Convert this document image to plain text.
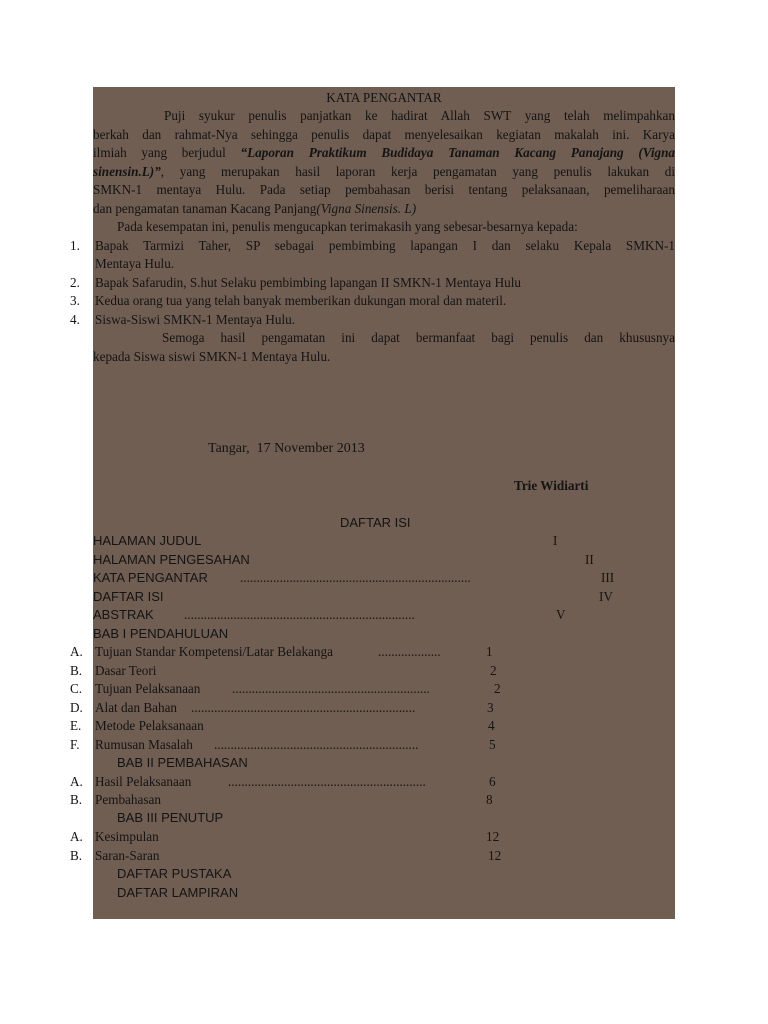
KATA PENGANTAR
Puji syukur penulis panjatkan ke hadirat Allah SWT yang telah melimpahkan
berkah dan rahmat-Nya sehingga penulis dapat menyelesaikan kegiatan makalah ini. Karya
ilmiah yang berjudul “Laporan Praktikum Budidaya Tanaman Kacang Panajang (Vigna
sinensin.L)”, yang merupakan hasil laporan kerja pengamatan yang penulis lakukan di
SMKN-1 mentaya Hulu. Pada setiap pembahasan berisi tentang pelaksanaan, pemeliharaan
dan pengamatan tanaman Kacang Panjang(Vigna Sinensis. L)
Pada kesempatan ini, penulis mengucapkan terimakasih yang sebesar-besarnya kepada:
1. Bapak Tarmizi Taher, SP sebagai pembimbing lapangan I dan selaku Kepala SMKN-1
Mentaya Hulu.
2. Bapak Safarudin, S.hut Selaku pembimbing lapangan II SMKN-1 Mentaya Hulu
3. Kedua orang tua yang telah banyak memberikan dukungan moral dan materil.
4. Siswa-Siswi SMKN-1 Mentaya Hulu.
Semoga hasil pengamatan ini dapat bermanfaat bagi penulis dan khususnya
kepada Siswa siswi SMKN-1 Mentaya Hulu.
Tangar,  17 November 2013
Trie Widiarti
DAFTAR ISI
HALAMAN JUDUL	I
HALAMAN PENGESAHAN	II
KATA PENGANTAR ......................................................................	III
DAFTAR ISI	IV
ABSTRAK ......................................................................	V
BAB I PENDAHULUAN
A. Tujuan Standar Kompetensi/Latar Belakanga	...................	1
B. Dasar Teori	2
C. Tujuan Pelaksanaan ............................................................	2
D. Alat dan Bahan ....................................................................	3
E. Metode Pelaksanaan	4
F. Rumusan Masalah ..............................................................	5
BAB II PEMBAHASAN
A. Hasil Pelaksanaan	............................................................	6
B. Pembahasan	8
BAB III PENUTUP
A. Kesimpulan	12
B. Saran-Saran	12
DAFTAR PUSTAKA
DAFTAR LAMPIRAN
